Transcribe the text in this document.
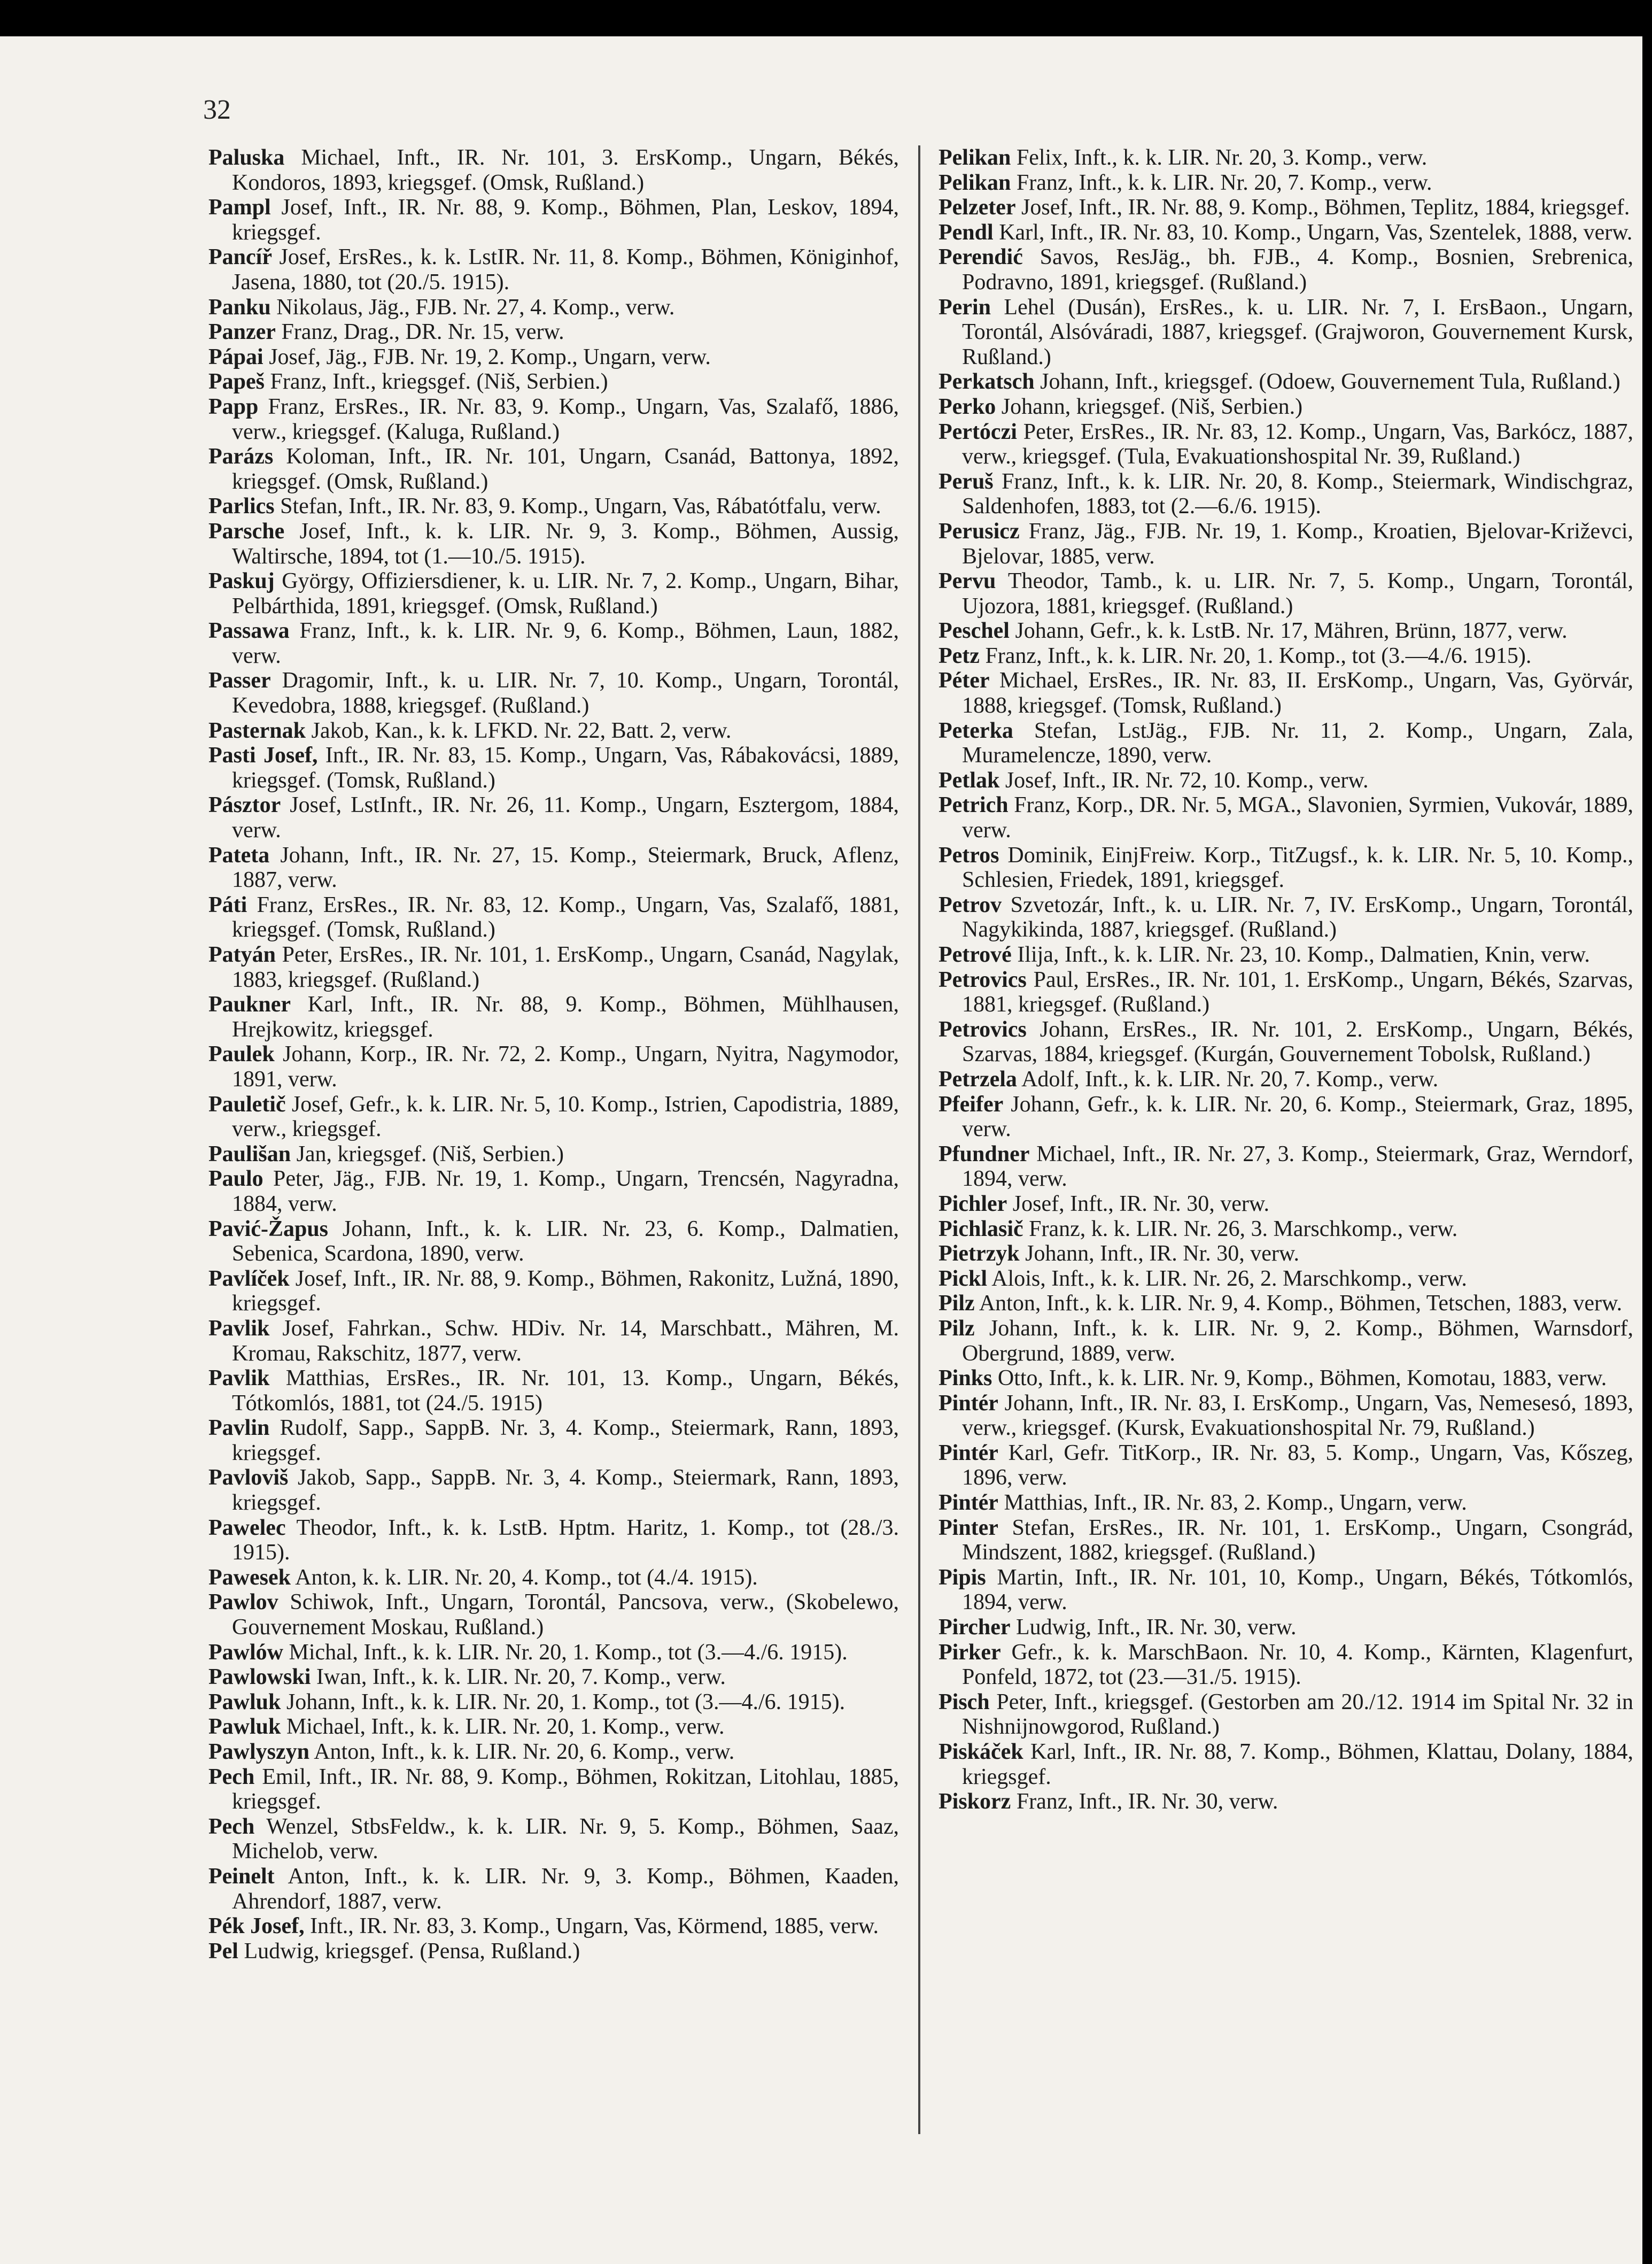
32

Paluska Michael, Inft., IR. Nr. 101, 3. ErsKomp., Ungarn, Békés, Kondoros, 1893, kriegsgef. (Omsk, Rußland.)

Pampl Josef, Inft., IR. Nr. 88, 9. Komp., Böhmen, Plan, Leskov, 1894, kriegsgef.

Pancíř Josef, ErsRes., k. k. LstIR. Nr. 11, 8. Komp., Böhmen, Königinhof, Jasena, 1880, tot (20./5. 1915).

Panku Nikolaus, Jäg., FJB. Nr. 27, 4. Komp., verw.

Panzer Franz, Drag., DR. Nr. 15, verw.

Pápai Josef, Jäg., FJB. Nr. 19, 2. Komp., Ungarn, verw.

Papeš Franz, Inft., kriegsgef. (Niš, Serbien.)

Papp Franz, ErsRes., IR. Nr. 83, 9. Komp., Ungarn, Vas, Szalafő, 1886, verw., kriegsgef. (Kaluga, Rußland.)

Parázs Koloman, Inft., IR. Nr. 101, Ungarn, Csanád, Battonya, 1892, kriegsgef. (Omsk, Rußland.)

Parlics Stefan, Inft., IR. Nr. 83, 9. Komp., Ungarn, Vas, Rábatótfalu, verw.

Parsche Josef, Inft., k. k. LIR. Nr. 9, 3. Komp., Böhmen, Aussig, Waltirsche, 1894, tot (1.—10./5. 1915).

Paskuj György, Offiziersdiener, k. u. LIR. Nr. 7, 2. Komp., Ungarn, Bihar, Pelbárthida, 1891, kriegsgef. (Omsk, Rußland.)

Passawa Franz, Inft., k. k. LIR. Nr. 9, 6. Komp., Böhmen, Laun, 1882, verw.

Passer Dragomir, Inft., k. u. LIR. Nr. 7, 10. Komp., Ungarn, Torontál, Kevedobra, 1888, kriegsgef. (Rußland.)

Pasternak Jakob, Kan., k. k. LFKD. Nr. 22, Batt. 2, verw.

Pasti Josef, Inft., IR. Nr. 83, 15. Komp., Ungarn, Vas, Rábakovácsi, 1889, kriegsgef. (Tomsk, Rußland.)

Pásztor Josef, LstInft., IR. Nr. 26, 11. Komp., Ungarn, Esztergom, 1884, verw.

Pateta Johann, Inft., IR. Nr. 27, 15. Komp., Steiermark, Bruck, Aflenz, 1887, verw.

Páti Franz, ErsRes., IR. Nr. 83, 12. Komp., Ungarn, Vas, Szalafő, 1881, kriegsgef. (Tomsk, Rußland.)

Patyán Peter, ErsRes., IR. Nr. 101, 1. ErsKomp., Ungarn, Csanád, Nagylak, 1883, kriegsgef. (Rußland.)

Paukner Karl, Inft., IR. Nr. 88, 9. Komp., Böhmen, Mühlhausen, Hrejkowitz, kriegsgef.

Paulek Johann, Korp., IR. Nr. 72, 2. Komp., Ungarn, Nyitra, Nagymodor, 1891, verw.

Pauletič Josef, Gefr., k. k. LIR. Nr. 5, 10. Komp., Istrien, Capodistria, 1889, verw., kriegsgef.

Paulišan Jan, kriegsgef. (Niš, Serbien.)

Paulo Peter, Jäg., FJB. Nr. 19, 1. Komp., Ungarn, Trencsén, Nagyradna, 1884, verw.

Pavić-Žapus Johann, Inft., k. k. LIR. Nr. 23, 6. Komp., Dalmatien, Sebenica, Scardona, 1890, verw.

Pavlíček Josef, Inft., IR. Nr. 88, 9. Komp., Böhmen, Rakonitz, Lužná, 1890, kriegsgef.

Pavlik Josef, Fahrkan., Schw. HDiv. Nr. 14, Marschbatt., Mähren, M. Kromau, Rakschitz, 1877, verw.

Pavlik Matthias, ErsRes., IR. Nr. 101, 13. Komp., Ungarn, Békés, Tótkomlós, 1881, tot (24./5. 1915)

Pavlin Rudolf, Sapp., SappB. Nr. 3, 4. Komp., Steiermark, Rann, 1893, kriegsgef.

Pavloviš Jakob, Sapp., SappB. Nr. 3, 4. Komp., Steiermark, Rann, 1893, kriegsgef.

Pawelec Theodor, Inft., k. k. LstB. Hptm. Haritz, 1. Komp., tot (28./3. 1915).

Pawesek Anton, k. k. LIR. Nr. 20, 4. Komp., tot (4./4. 1915).

Pawlov Schiwok, Inft., Ungarn, Torontál, Pancsova, verw., (Skobelewo, Gouvernement Moskau, Rußland.)

Pawlów Michal, Inft., k. k. LIR. Nr. 20, 1. Komp., tot (3.—4./6. 1915).

Pawlowski Iwan, Inft., k. k. LIR. Nr. 20, 7. Komp., verw.

Pawluk Johann, Inft., k. k. LIR. Nr. 20, 1. Komp., tot (3.—4./6. 1915).

Pawluk Michael, Inft., k. k. LIR. Nr. 20, 1. Komp., verw.

Pawlyszyn Anton, Inft., k. k. LIR. Nr. 20, 6. Komp., verw.

Pech Emil, Inft., IR. Nr. 88, 9. Komp., Böhmen, Rokitzan, Litohlau, 1885, kriegsgef.

Pech Wenzel, StbsFeldw., k. k. LIR. Nr. 9, 5. Komp., Böhmen, Saaz, Michelob, verw.

Peinelt Anton, Inft., k. k. LIR. Nr. 9, 3. Komp., Böhmen, Kaaden, Ahrendorf, 1887, verw.

Pék Josef, Inft., IR. Nr. 83, 3. Komp., Ungarn, Vas, Körmend, 1885, verw.

Pel Ludwig, kriegsgef. (Pensa, Rußland.)

Pelikan Felix, Inft., k. k. LIR. Nr. 20, 3. Komp., verw.

Pelikan Franz, Inft., k. k. LIR. Nr. 20, 7. Komp., verw.

Pelzeter Josef, Inft., IR. Nr. 88, 9. Komp., Böhmen, Teplitz, 1884, kriegsgef.

Pendl Karl, Inft., IR. Nr. 83, 10. Komp., Ungarn, Vas, Szentelek, 1888, verw.

Perendić Savos, ResJäg., bh. FJB., 4. Komp., Bosnien, Srebrenica, Podravno, 1891, kriegsgef. (Rußland.)

Perin Lehel (Dusán), ErsRes., k. u. LIR. Nr. 7, I. ErsBaon., Ungarn, Torontál, Alsóváradi, 1887, kriegsgef. (Grajworon, Gouvernement Kursk, Rußland.)

Perkatsch Johann, Inft., kriegsgef. (Odoew, Gouvernement Tula, Rußland.)

Perko Johann, kriegsgef. (Niš, Serbien.)

Pertóczi Peter, ErsRes., IR. Nr. 83, 12. Komp., Ungarn, Vas, Barkócz, 1887, verw., kriegsgef. (Tula, Evakuationshospital Nr. 39, Rußland.)

Peruš Franz, Inft., k. k. LIR. Nr. 20, 8. Komp., Steiermark, Windischgraz, Saldenhofen, 1883, tot (2.—6./6. 1915).

Perusicz Franz, Jäg., FJB. Nr. 19, 1. Komp., Kroatien, Bjelovar-Križevci, Bjelovar, 1885, verw.

Pervu Theodor, Tamb., k. u. LIR. Nr. 7, 5. Komp., Ungarn, Torontál, Ujozora, 1881, kriegsgef. (Rußland.)

Peschel Johann, Gefr., k. k. LstB. Nr. 17, Mähren, Brünn, 1877, verw.

Petz Franz, Inft., k. k. LIR. Nr. 20, 1. Komp., tot (3.—4./6. 1915).

Péter Michael, ErsRes., IR. Nr. 83, II. ErsKomp., Ungarn, Vas, Györvár, 1888, kriegsgef. (Tomsk, Rußland.)

Peterka Stefan, LstJäg., FJB. Nr. 11, 2. Komp., Ungarn, Zala, Muramelencze, 1890, verw.

Petlak Josef, Inft., IR. Nr. 72, 10. Komp., verw.

Petrich Franz, Korp., DR. Nr. 5, MGA., Slavonien, Syrmien, Vukovár, 1889, verw.

Petros Dominik, EinjFreiw. Korp., TitZugsf., k. k. LIR. Nr. 5, 10. Komp., Schlesien, Friedek, 1891, kriegsgef.

Petrov Szvetozár, Inft., k. u. LIR. Nr. 7, IV. ErsKomp., Ungarn, Torontál, Nagykikinda, 1887, kriegsgef. (Rußland.)

Petrové Ilija, Inft., k. k. LIR. Nr. 23, 10. Komp., Dalmatien, Knin, verw.

Petrovics Paul, ErsRes., IR. Nr. 101, 1. ErsKomp., Ungarn, Békés, Szarvas, 1881, kriegsgef. (Rußland.)

Petrovics Johann, ErsRes., IR. Nr. 101, 2. ErsKomp., Ungarn, Békés, Szarvas, 1884, kriegsgef. (Kurgán, Gouvernement Tobolsk, Rußland.)

Petrzela Adolf, Inft., k. k. LIR. Nr. 20, 7. Komp., verw.

Pfeifer Johann, Gefr., k. k. LIR. Nr. 20, 6. Komp., Steiermark, Graz, 1895, verw.

Pfundner Michael, Inft., IR. Nr. 27, 3. Komp., Steiermark, Graz, Werndorf, 1894, verw.

Pichler Josef, Inft., IR. Nr. 30, verw.

Pichlasič Franz, k. k. LIR. Nr. 26, 3. Marschkomp., verw.

Pietrzyk Johann, Inft., IR. Nr. 30, verw.

Pickl Alois, Inft., k. k. LIR. Nr. 26, 2. Marschkomp., verw.

Pilz Anton, Inft., k. k. LIR. Nr. 9, 4. Komp., Böhmen, Tetschen, 1883, verw.

Pilz Johann, Inft., k. k. LIR. Nr. 9, 2. Komp., Böhmen, Warnsdorf, Obergrund, 1889, verw.

Pinks Otto, Inft., k. k. LIR. Nr. 9, Komp., Böhmen, Komotau, 1883, verw.

Pintér Johann, Inft., IR. Nr. 83, I. ErsKomp., Ungarn, Vas, Nemesesó, 1893, verw., kriegsgef. (Kursk, Evakuationshospital Nr. 79, Rußland.)

Pintér Karl, Gefr. TitKorp., IR. Nr. 83, 5. Komp., Ungarn, Vas, Kőszeg, 1896, verw.

Pintér Matthias, Inft., IR. Nr. 83, 2. Komp., Ungarn, verw.

Pinter Stefan, ErsRes., IR. Nr. 101, 1. ErsKomp., Ungarn, Csongrád, Mindszent, 1882, kriegsgef. (Rußland.)

Pipis Martin, Inft., IR. Nr. 101, 10, Komp., Ungarn, Békés, Tótkomlós, 1894, verw.

Pircher Ludwig, Inft., IR. Nr. 30, verw.

Pirker Gefr., k. k. MarschBaon. Nr. 10, 4. Komp., Kärnten, Klagenfurt, Ponfeld, 1872, tot (23.—31./5. 1915).

Pisch Peter, Inft., kriegsgef. (Gestorben am 20./12. 1914 im Spital Nr. 32 in Nishnijnowgorod, Rußland.)

Piskáček Karl, Inft., IR. Nr. 88, 7. Komp., Böhmen, Klattau, Dolany, 1884, kriegsgef.

Piskorz Franz, Inft., IR. Nr. 30, verw.
